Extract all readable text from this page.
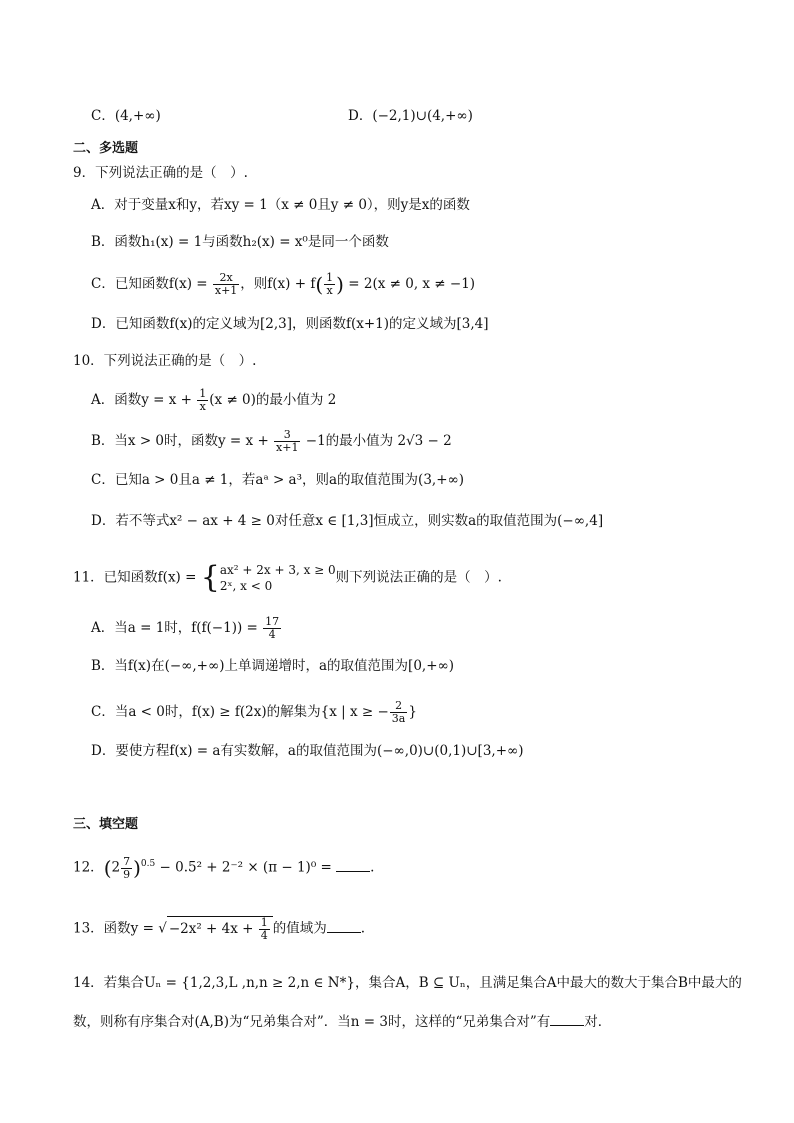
C．(4,+∞)	D．(−2,1)∪(4,+∞)
二、多选题
9．下列说法正确的是（　）.
A．对于变量x和y，若xy = 1（x ≠ 0且y ≠ 0），则y是x的函数
B．函数h₁(x) = 1与函数h₂(x) = x⁰是同一个函数
C．已知函数$f(x) = \frac{2x}{x+1}$ ，则$f(x) + f( \frac{1}{x}$ ) = 2(x ≠ 0, x ≠ −1)
D．已知函数f(x)的定义域为[2,3]，则函数f(x+1)的定义域为[3,4]
10．下列说法正确的是（　）.
A．函数$y = x + \frac{1}{x} (x \ne 0)$的最小值为 2
B．当x > 0时，函数$y = x + \frac{3}{x+1} -1$的最小值为 2√3 − 2
C．已知a > 0且a ≠ 1，若aᵃ > a³，则a的取值范围为(3,+∞)
D．若不等式x² − ax + 4 ≥ 0对任意x ∈ [1,3]恒成立，则实数a的取值范围为(−∞,4]
11．已知函数f(x) = { ax² + 2x + 3, x ≥ 0
2ˣ, x < 0
则下列说法正确的是（　）.
A．当a = 1时，$f(f(-1)) = \frac{17}{4}$
B．当f(x)在(−∞,+∞)上单调递增时，a的取值范围为[0,+∞)
C．当a < 0时，f(x) ≥ f(2x)的解集为{x | x ≥ − $\frac{2}{3a}$ }
D．要使方程f(x) = a有实数解，a的取值范围为(−∞,0)∪(0,1)∪[3,+∞)
三、填空题
12．$(2 \frac{7}{9} )^{0.5} - 0.5^2 + 2^{-2} \times (\pi - 1)^0$ =	.
13．函数y = √ $-2x^2 + 4x + \frac{1}{4}$ 的值域为	.
14．若集合Uₙ = {1,2,3,L ,n,n ≥ 2,n ∈ N*}，集合A，B ⊆ Uₙ，且满足集合A中最大的数大于集合B中最大的
数，则称有序集合对(A,B)为“兄弟集合对”．当n = 3时，这样的“兄弟集合对”有	对．
